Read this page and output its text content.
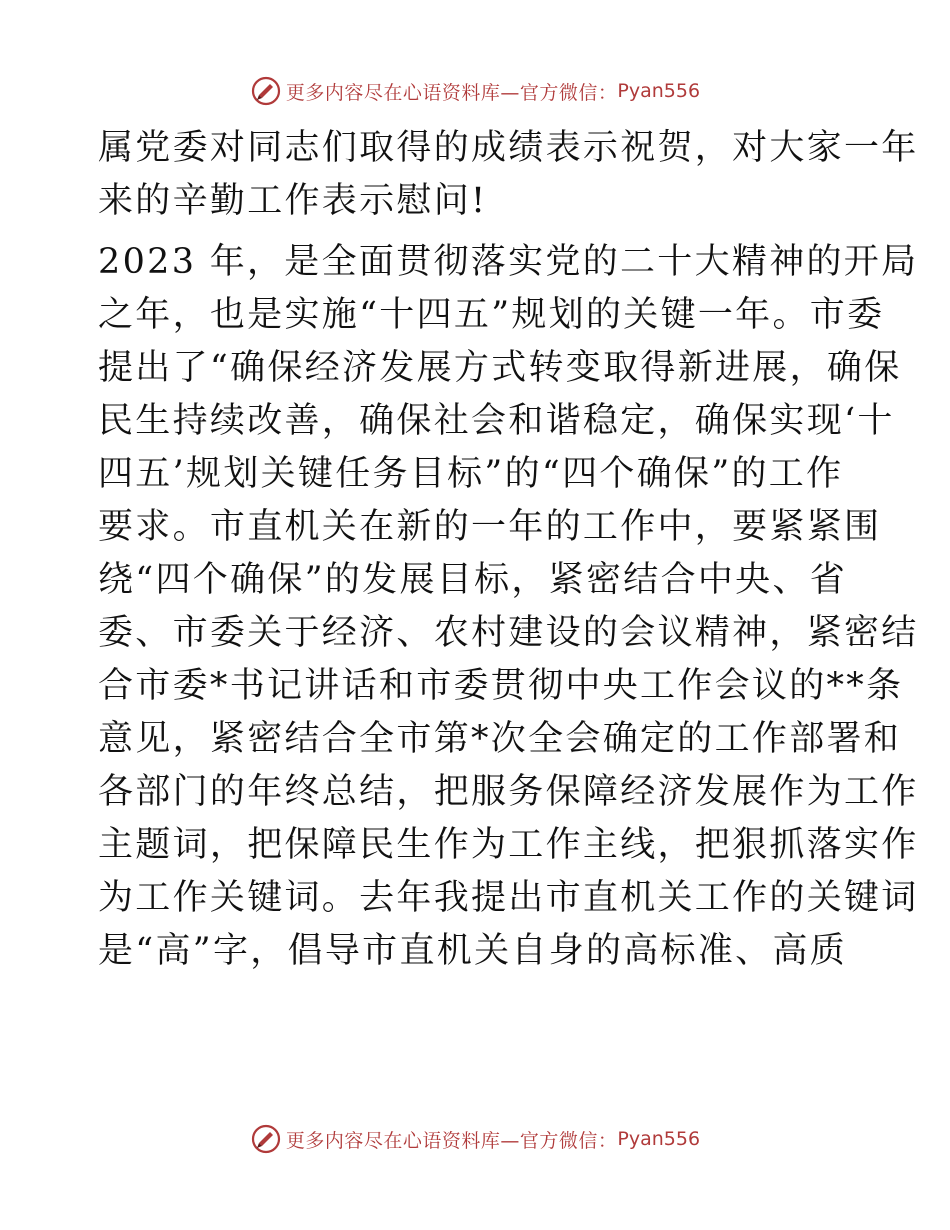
更多内容尽在心语资料库—官方微信： Pyan556

属党委对同志们取得的成绩表示祝贺，对大家一年
来的辛勤工作表示慰问!

2023 年，是全面贯彻落实党的二十大精神的开局
之年，也是实施“十四五”规划的关键一年。市委
提出了“确保经济发展方式转变取得新进展，确保
民生持续改善，确保社会和谐稳定，确保实现‘十
四五’规划关键任务目标”的“四个确保”的工作
要求。市直机关在新的一年的工作中，要紧紧围
绕“四个确保”的发展目标，紧密结合中央、省
委、市委关于经济、农村建设的会议精神，紧密结
合市委*书记讲话和市委贯彻中央工作会议的**条
意见，紧密结合全市第*次全会确定的工作部署和
各部门的年终总结，把服务保障经济发展作为工作
主题词，把保障民生作为工作主线，把狠抓落实作
为工作关键词。去年我提出市直机关工作的关键词
是“高”字，倡导市直机关自身的高标准、高质

更多内容尽在心语资料库—官方微信： Pyan556
